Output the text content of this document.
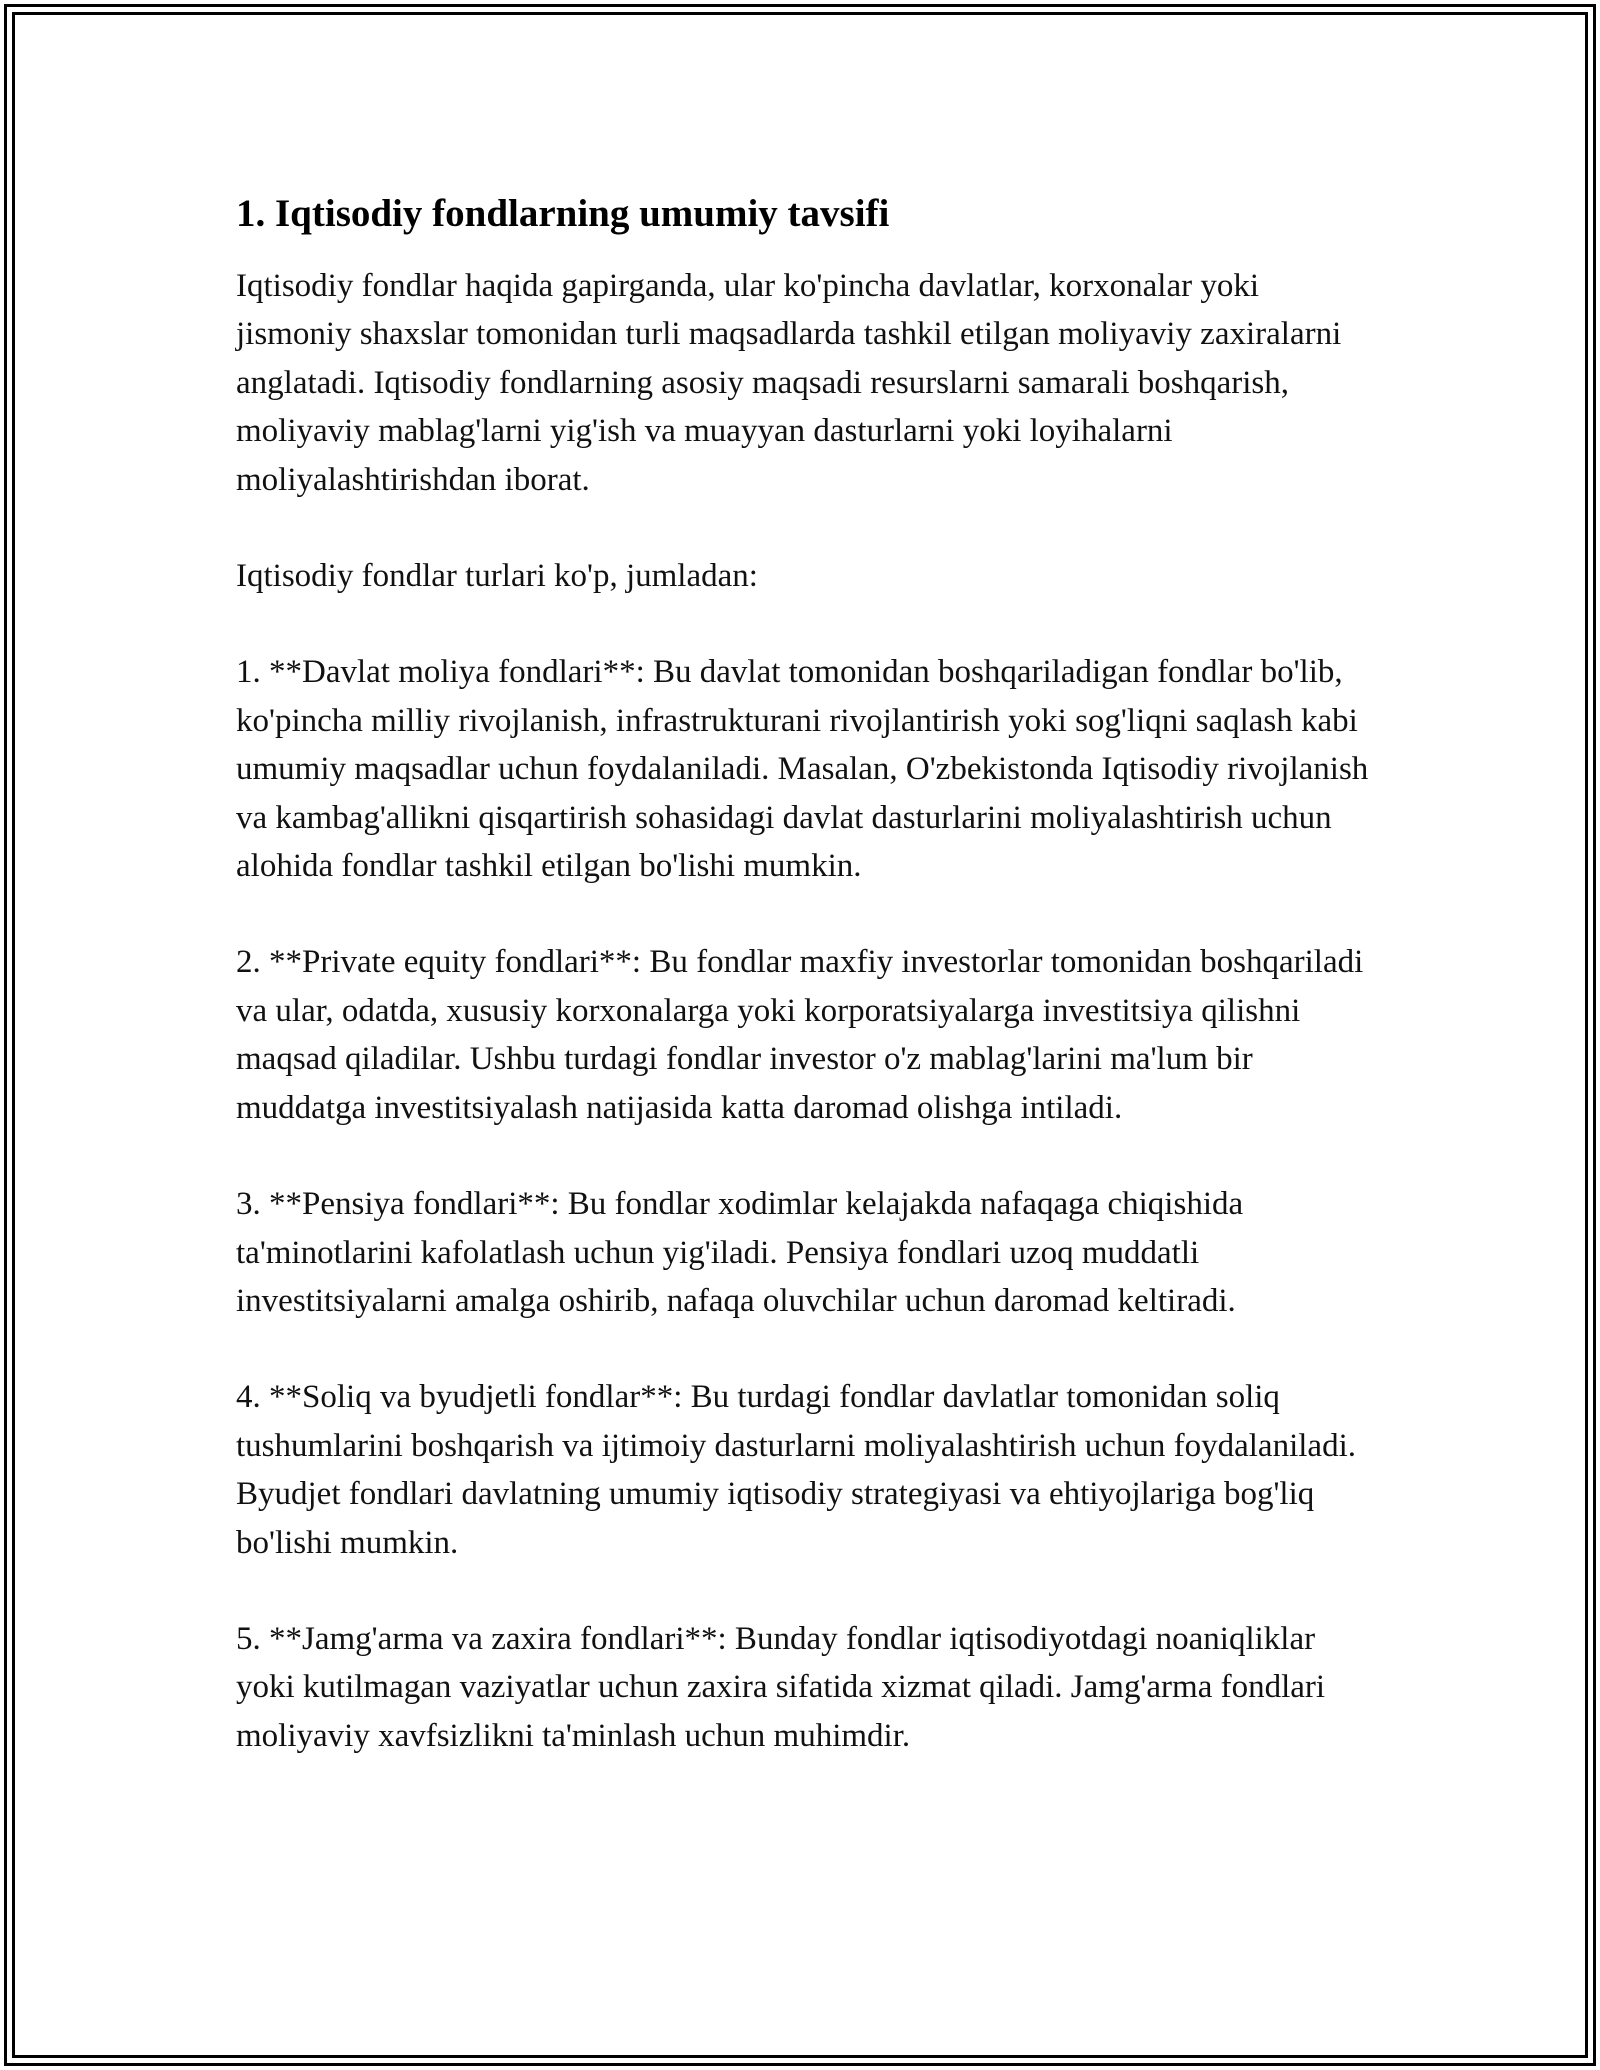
1. Iqtisodiy fondlarning umumiy tavsifi

Iqtisodiy fondlar haqida gapirganda, ular ko'pincha davlatlar, korxonalar yoki jismoniy shaxslar tomonidan turli maqsadlarda tashkil etilgan moliyaviy zaxiralarni anglatadi. Iqtisodiy fondlarning asosiy maqsadi resurslarni samarali boshqarish, moliyaviy mablag'larni yig'ish va muayyan dasturlarni yoki loyihalarni moliyalashtirishdan iborat.

Iqtisodiy fondlar turlari ko'p, jumladan:

1. **Davlat moliya fondlari**: Bu davlat tomonidan boshqariladigan fondlar bo'lib, ko'pincha milliy rivojlanish, infrastrukturani rivojlantirish yoki sog'liqni saqlash kabi umumiy maqsadlar uchun foydalaniladi. Masalan, O'zbekistonda Iqtisodiy rivojlanish va kambag'allikni qisqartirish sohasidagi davlat dasturlarini moliyalashtirish uchun alohida fondlar tashkil etilgan bo'lishi mumkin.

2. **Private equity fondlari**: Bu fondlar maxfiy investorlar tomonidan boshqariladi va ular, odatda, xususiy korxonalarga yoki korporatsiyalarga investitsiya qilishni maqsad qiladilar. Ushbu turdagi fondlar investor o'z mablag'larini ma'lum bir muddatga investitsiyalash natijasida katta daromad olishga intiladi.

3. **Pensiya fondlari**: Bu fondlar xodimlar kelajakda nafaqaga chiqishida ta'minotlarini kafolatlash uchun yig'iladi. Pensiya fondlari uzoq muddatli investitsiyalarni amalga oshirib, nafaqa oluvchilar uchun daromad keltiradi.

4. **Soliq va byudjetli fondlar**: Bu turdagi fondlar davlatlar tomonidan soliq tushumlarini boshqarish va ijtimoiy dasturlarni moliyalashtirish uchun foydalaniladi. Byudjet fondlari davlatning umumiy iqtisodiy strategiyasi va ehtiyojlariga bog'liq bo'lishi mumkin.

5. **Jamg'arma va zaxira fondlari**: Bunday fondlar iqtisodiyotdagi noaniqliklar yoki kutilmagan vaziyatlar uchun zaxira sifatida xizmat qiladi. Jamg'arma fondlari moliyaviy xavfsizlikni ta'minlash uchun muhimdir.
